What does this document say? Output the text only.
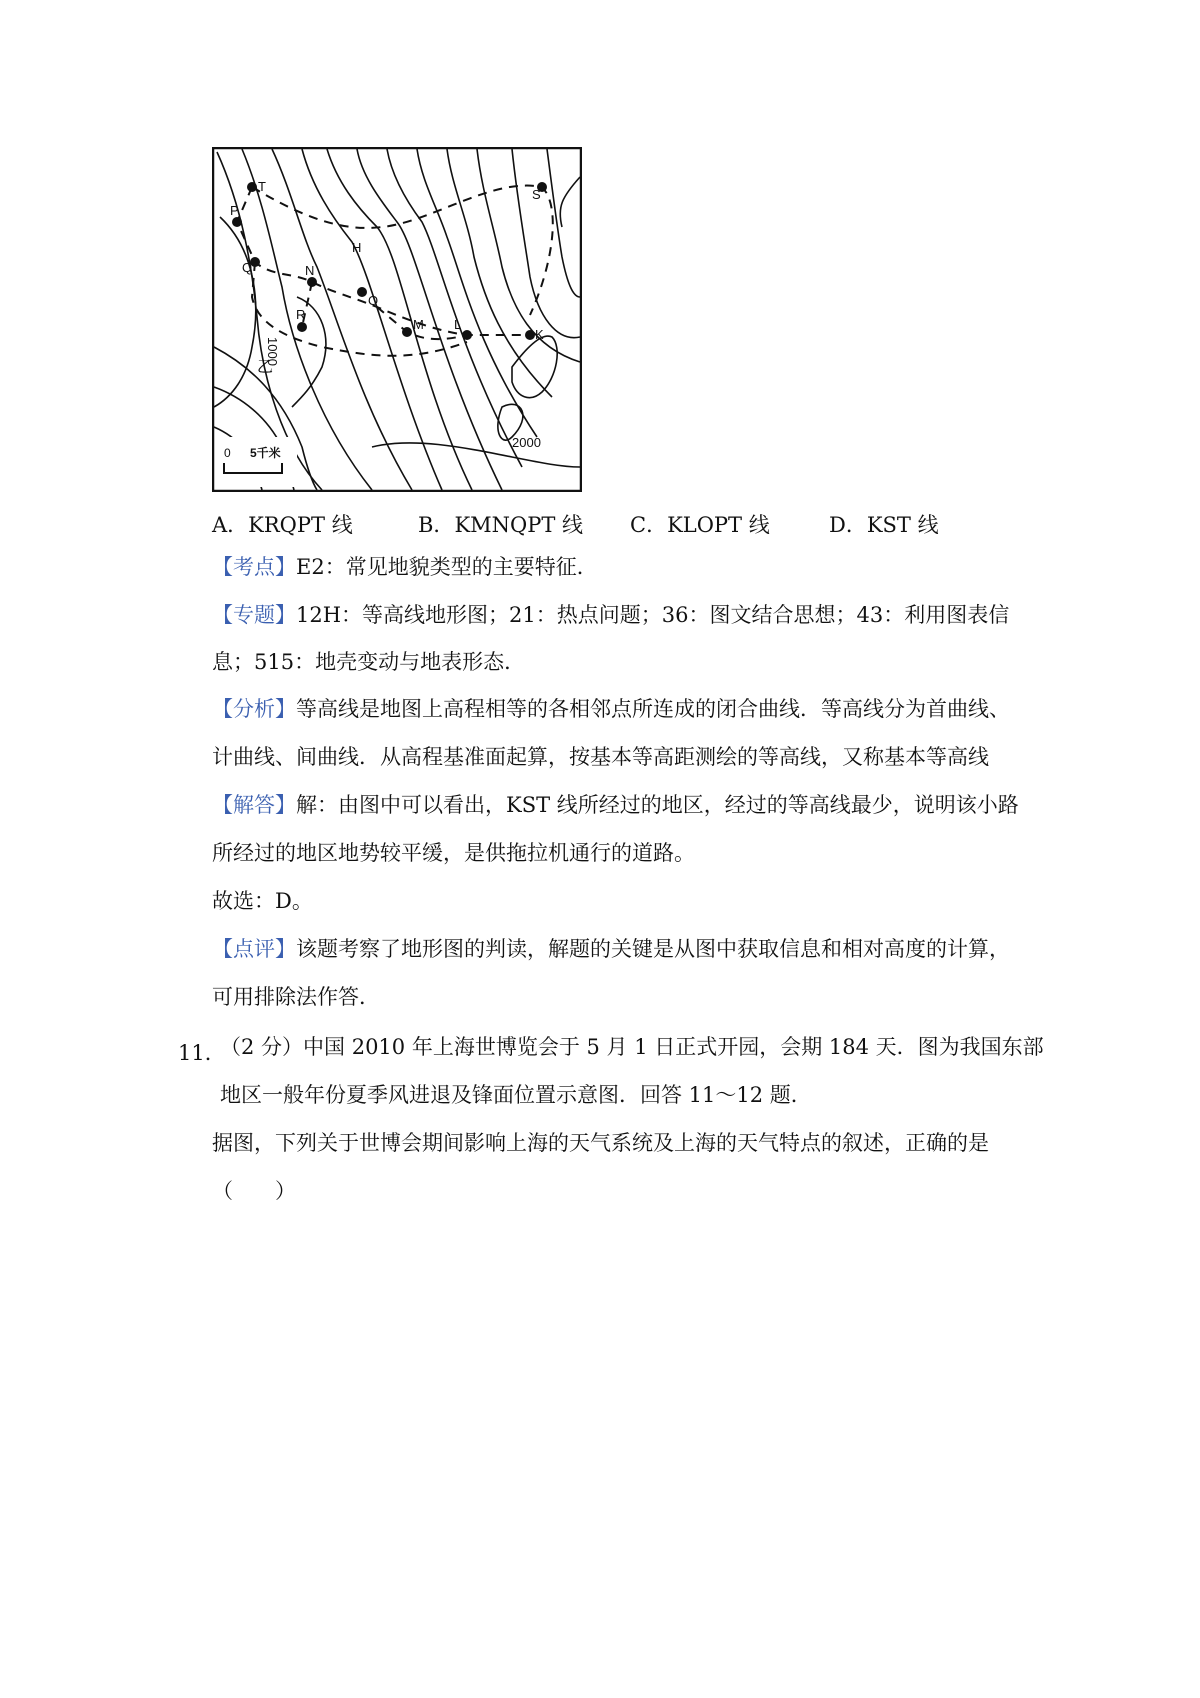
T
S
P
H
Q	N
O
R
M L
K
1000
2000
乙
0 5千米
A．KRQPT 线	B．KMNQPT 线 C．KLOPT 线	D．KST 线
【考点】E2：常见地貌类型的主要特征．
【专题】12H：等高线地形图；21：热点问题；36：图文结合思想；43：利用图表信
息；515：地壳变动与地表形态．
【分析】等高线是地图上高程相等的各相邻点所连成的闭合曲线．等高线分为首曲线、
计曲线、间曲线．从高程基准面起算，按基本等高距测绘的等高线，又称基本等高线
【解答】解：由图中可以看出，KST 线所经过的地区，经过的等高线最少，说明该小路
所经过的地区地势较平缓，是供拖拉机通行的道路。
故选：D。
【点评】该题考察了地形图的判读，解题的关键是从图中获取信息和相对高度的计算，
可用排除法作答．
11．
（2 分）中国 2010 年上海世博览会于 5 月 1 日正式开园，会期 184 天．图为我国东部
地区一般年份夏季风进退及锋面位置示意图．回答 11～12 题．
据图，下列关于世博会期间影响上海的天气系统及上海的天气特点的叙述，正确的是
（　　）
